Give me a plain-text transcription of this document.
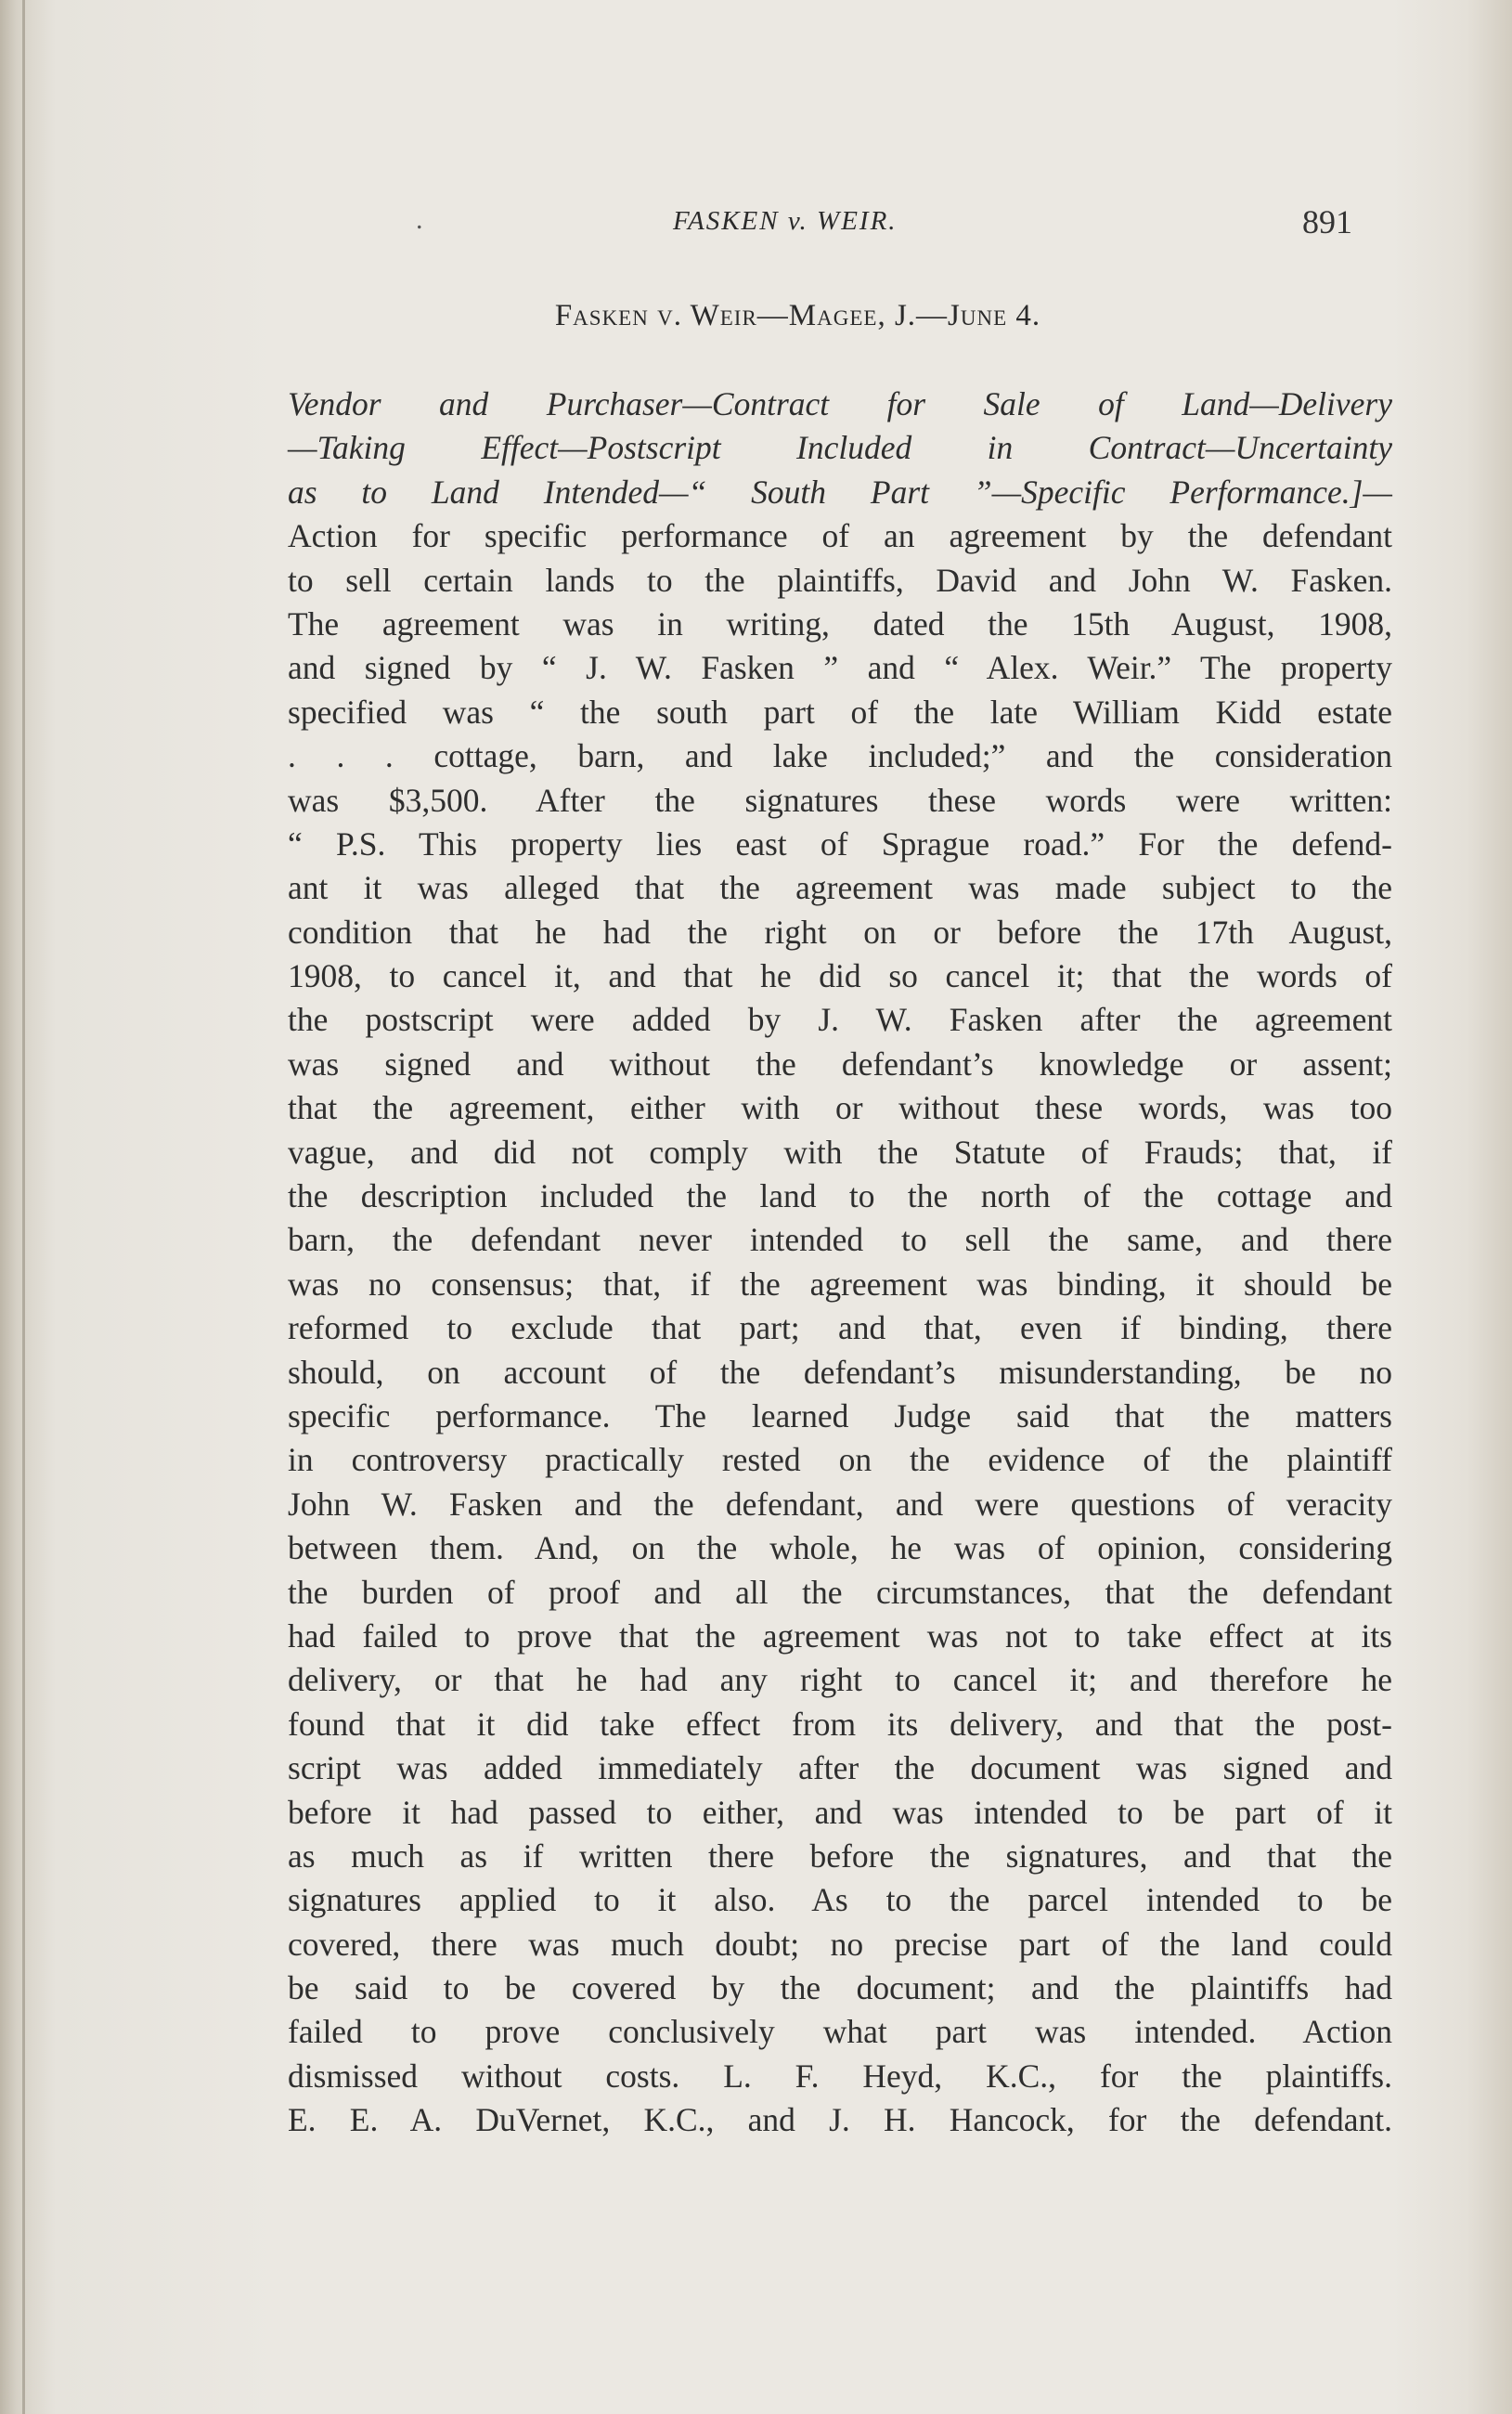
.	FASKEN v. WEIR.	891
Fasken v. Weir—Magee, J.—June 4.
Vendor and Purchaser—Contract for Sale of Land—Delivery
—Taking Effect—Postscript Included in Contract—Uncertainty
as to Land Intended—“ South Part ”—Specific Performance.]—
Action for specific performance of an agreement by the defendant
to sell certain lands to the plaintiffs, David and John W. Fasken.
The agreement was in writing, dated the 15th August, 1908,
and signed by “ J. W. Fasken ” and “ Alex. Weir.” The property
specified was “ the south part of the late William Kidd estate
. . . cottage, barn, and lake included;” and the consideration
was $3,500. After the signatures these words were written:
“ P.S. This property lies east of Sprague road.” For the defend-
ant it was alleged that the agreement was made subject to the
condition that he had the right on or before the 17th August,
1908, to cancel it, and that he did so cancel it; that the words of
the postscript were added by J. W. Fasken after the agreement
was signed and without the defendant’s knowledge or assent;
that the agreement, either with or without these words, was too
vague, and did not comply with the Statute of Frauds; that, if
the description included the land to the north of the cottage and
barn, the defendant never intended to sell the same, and there
was no consensus; that, if the agreement was binding, it should be
reformed to exclude that part; and that, even if binding, there
should, on account of the defendant’s misunderstanding, be no
specific performance. The learned Judge said that the matters
in controversy practically rested on the evidence of the plaintiff
John W. Fasken and the defendant, and were questions of veracity
between them. And, on the whole, he was of opinion, considering
the burden of proof and all the circumstances, that the defendant
had failed to prove that the agreement was not to take effect at its
delivery, or that he had any right to cancel it; and therefore he
found that it did take effect from its delivery, and that the post-
script was added immediately after the document was signed and
before it had passed to either, and was intended to be part of it
as much as if written there before the signatures, and that the
signatures applied to it also. As to the parcel intended to be
covered, there was much doubt; no precise part of the land could
be said to be covered by the document; and the plaintiffs had
failed to prove conclusively what part was intended. Action
dismissed without costs. L. F. Heyd, K.C., for the plaintiffs.
E. E. A. DuVernet, K.C., and J. H. Hancock, for the defendant.
